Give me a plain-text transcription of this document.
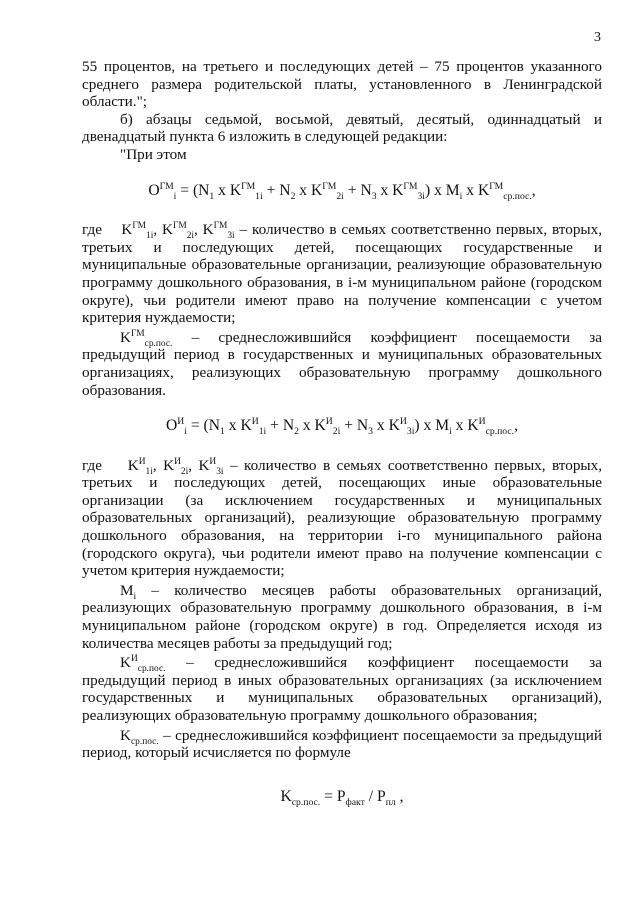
3

55 процентов, на третьего и последующих детей – 75 процентов указанного среднего размера родительской платы, установленного в Ленинградской области.";

б) абзацы седьмой, восьмой, девятый, десятый, одиннадцатый и двенадцатый пункта 6 изложить в следующей редакции:

"При этом

$O^{ГМ}_i = (N_1$ x $K^{ГМ}_{1i} + N_2$ x $K^{ГМ}_{2i} + N_3$ x $K^{ГМ}_{3i}$) x $M_i$ x $K^{ГМ}_{ср.пос.}$,

где $K^{ГМ}_{1i}$, $K^{ГМ}_{2i}$, $K^{ГМ}_{3i}$ – количество в семьях соответственно первых, вторых, третьих и последующих детей, посещающих государственные и муниципальные образовательные организации, реализующие образовательную программу дошкольного образования, в i-м муниципальном районе (городском округе), чьи родители имеют право на получение компенсации с учетом критерия нуждаемости;

$K^{ГМ}_{ср.пос.}$ – среднесложившийся коэффициент посещаемости за предыдущий период в государственных и муниципальных образовательных организациях, реализующих образовательную программу дошкольного образования.

$O^И_i = (N_1$ x $K^И_{1i} + N_2$ x $K^И_{2i} + N_3$ x $K^И_{3i}$) x $M_i$ x $K^И_{ср.пос.}$,

где $K^И_{1i}$, $K^И_{2i}$, $K^И_{3i}$ – количество в семьях соответственно первых, вторых, третьих и последующих детей, посещающих иные образовательные организации (за исключением государственных и муниципальных образовательных организаций), реализующие образовательную программу дошкольного образования, на территории i-го муниципального района (городского округа), чьи родители имеют право на получение компенсации с учетом критерия нуждаемости;

$M_i$ – количество месяцев работы образовательных организаций, реализующих образовательную программу дошкольного образования, в i-м муниципальном районе (городском округе) в год. Определяется исходя из количества месяцев работы за предыдущий год;

$K^И_{ср.пос.}$ – среднесложившийся коэффициент посещаемости за предыдущий период в иных образовательных организациях (за исключением государственных и муниципальных образовательных организаций), реализующих образовательную программу дошкольного образования;

$K_{ср.пос.}$ – среднесложившийся коэффициент посещаемости за предыдущий период, который исчисляется по формуле

$K_{ср.пос.} = P_{факт} / P_{пл}$ ,
